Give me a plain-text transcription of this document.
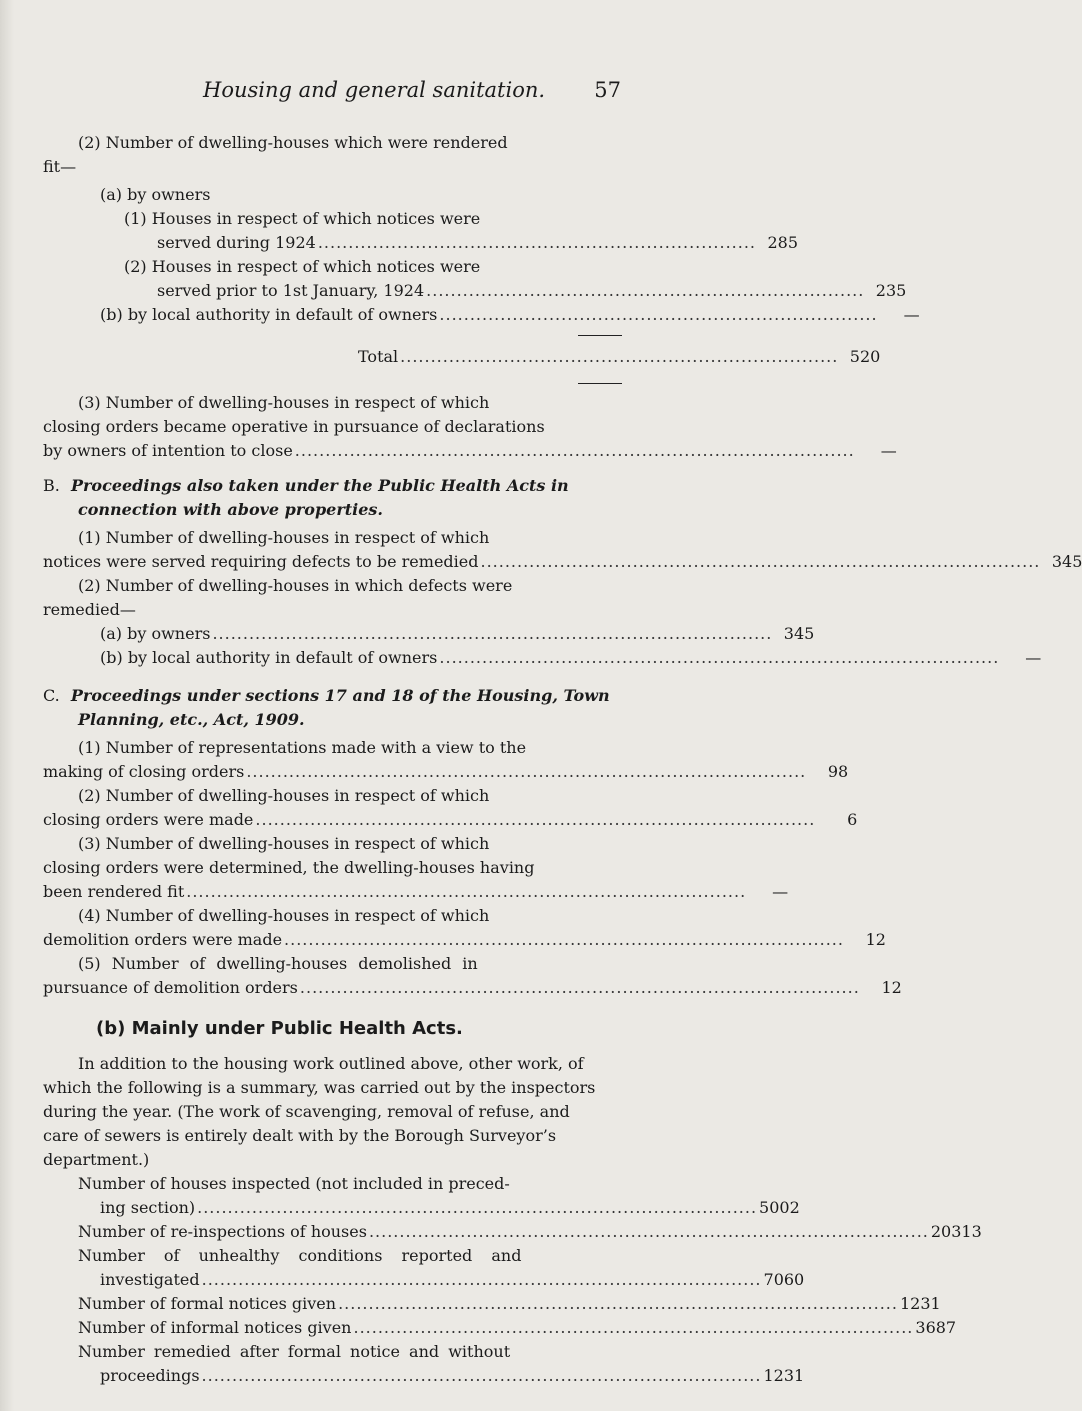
Housing and general sanitation. 57
(2) Number of dwelling-houses which were rendered
fit—
(a) by owners
(1) Houses in respect of which notices were
served during 1924 ........................................................................ 285
(2) Houses in respect of which notices were
served prior to 1st January, 1924 ........................................................................ 235
(b) by local authority in default of owners ........................................................................	—
Total ........................................................................ 520
(3) Number of dwelling-houses in respect of which
closing orders became operative in pursuance of declarations
by owners of intention to close ............................................................................................	—
B. Proceedings also taken under the Public Health Acts in
connection with above properties.
(1) Number of dwelling-houses in respect of which
notices were served requiring defects to be remedied ............................................................................................ 345
(2) Number of dwelling-houses in which defects were
remedied—
(a) by owners ............................................................................................ 345
(b) by local authority in default of owners ............................................................................................	—
C. Proceedings under sections 17 and 18 of the Housing, Town
Planning, etc., Act, 1909.
(1) Number of representations made with a view to the
making of closing orders ............................................................................................	98
(2) Number of dwelling-houses in respect of which
closing orders were made ............................................................................................	6
(3) Number of dwelling-houses in respect of which
closing orders were determined, the dwelling-houses having
been rendered fit ............................................................................................	—
(4) Number of dwelling-houses in respect of which
demolition orders were made ............................................................................................	12
(5) Number of dwelling-houses demolished in
pursuance of demolition orders ............................................................................................	12
(b) Mainly under Public Health Acts.
In addition to the housing work outlined above, other work, of
which the following is a summary, was carried out by the inspectors
during the year. (The work of scavenging, removal of refuse, and
care of sewers is entirely dealt with by the Borough Surveyor’s
department.)
Number of houses inspected (not included in preced-
ing section) ............................................................................................ 5002
Number of re-inspections of houses ............................................................................................ 20313
Number of unhealthy conditions reported and
investigated ............................................................................................ 7060
Number of formal notices given ............................................................................................ 1231
Number of informal notices given ............................................................................................ 3687
Number remedied after formal notice and without
proceedings ............................................................................................ 1231
